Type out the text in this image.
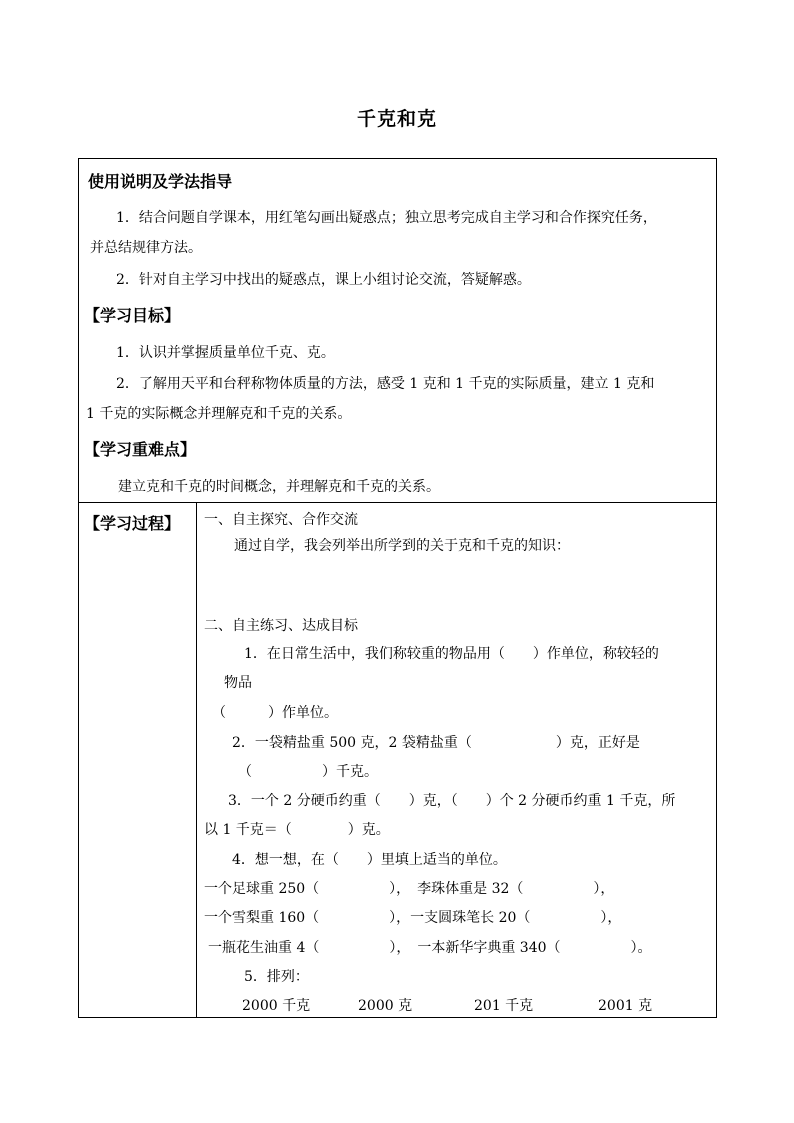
千克和克
使用说明及学法指导
1．结合问题自学课本，用红笔勾画出疑惑点；独立思考完成自主学习和合作探究任务，
并总结规律方法。
2．针对自主学习中找出的疑惑点，课上小组讨论交流，答疑解惑。
【学习目标】
1．认识并掌握质量单位千克、克。
2．了解用天平和台秤称物体质量的方法，感受 1 克和 1 千克的实际质量，建立 1 克和
1 千克的实际概念并理解克和千克的关系。
【学习重难点】
建立克和千克的时间概念，并理解克和千克的关系。
【学习过程】 一、自主探究、合作交流
通过自学，我会列举出所学到的关于克和千克的知识：
二、自主练习、达成目标
1．在日常生活中，我们称较重的物品用（　　）作单位，称较轻的
物品
（　　　）作单位。
2．一袋精盐重 500 克，2 袋精盐重（　　　　　　）克，正好是
（　　　　　）千克。
3．一个 2 分硬币约重（　　）克，（　　）个 2 分硬币约重 1 千克，所
以 1 千克＝（　　　　）克。
4．想一想，在（　　）里填上适当的单位。
一个足球重 250（　　　　　），　李珠体重是 32（　　　　　），
一个雪梨重 160（　　　　　），一支圆珠笔长 20（　　　　　），
一瓶花生油重 4（　　　　　），　一本新华字典重 340（　　　　　）。
5．排列：
2000 千克	2000 克	201 千克	2001 克
